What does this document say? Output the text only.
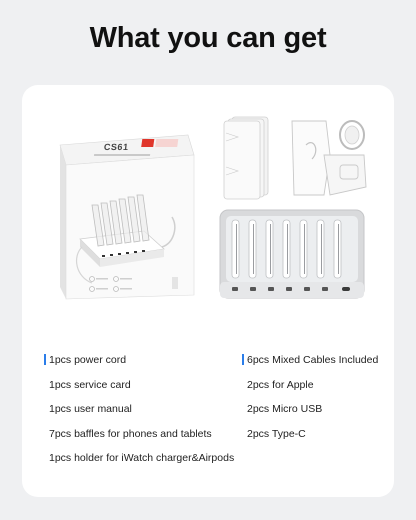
What you can get
CS61
1pcs power cord
1pcs service card
1pcs user manual
7pcs baffles for phones and tablets
1pcs holder for iWatch charger&Airpods
6pcs Mixed Cables Included
2pcs for Apple
2pcs Micro USB
2pcs Type-C
